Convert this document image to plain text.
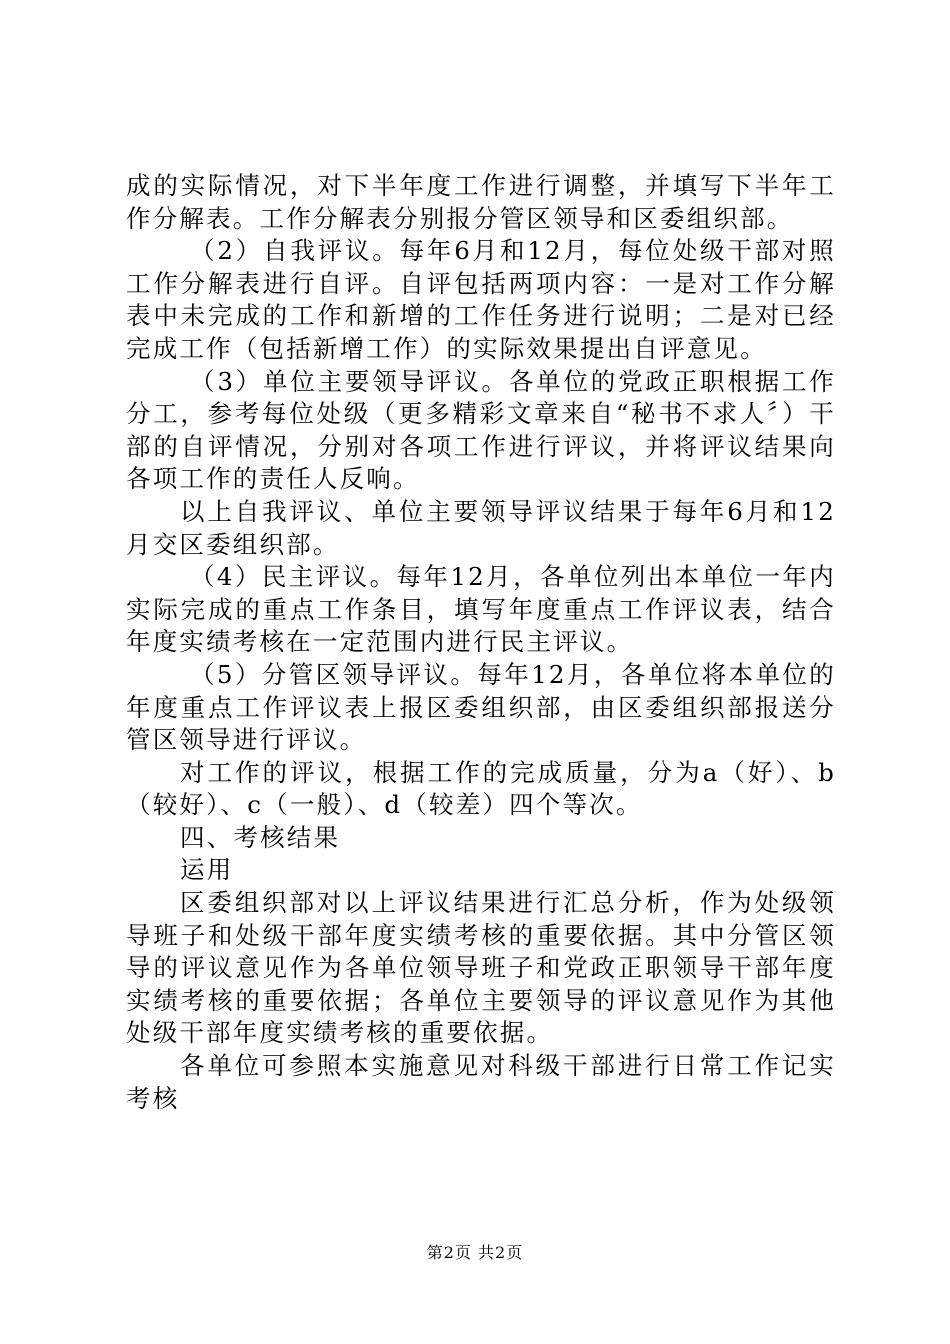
成的实际情况，对下半年度工作进行调整，并填写下半年工作分解表。工作分解表分别报分管区领导和区委组织部。

（2）自我评议。每年6月和12月，每位处级干部对照工作分解表进行自评。自评包括两项内容：一是对工作分解表中未完成的工作和新增的工作任务进行说明；二是对已经完成工作（包括新增工作）的实际效果提出自评意见。

（3）单位主要领导评议。各单位的党政正职根据工作分工，参考每位处级（更多精彩文章来自“秘书不求人〞）干部的自评情况，分别对各项工作进行评议，并将评议结果向各项工作的责任人反响。

以上自我评议、单位主要领导评议结果于每年6月和12月交区委组织部。

（4）民主评议。每年12月，各单位列出本单位一年内实际完成的重点工作条目，填写年度重点工作评议表，结合年度实绩考核在一定范围内进行民主评议。

（5）分管区领导评议。每年12月，各单位将本单位的年度重点工作评议表上报区委组织部，由区委组织部报送分管区领导进行评议。

对工作的评议，根据工作的完成质量，分为a（好）、b（较好）、c（一般）、d（较差）四个等次。

四、考核结果

运用

区委组织部对以上评议结果进行汇总分析，作为处级领导班子和处级干部年度实绩考核的重要依据。其中分管区领导的评议意见作为各单位领导班子和党政正职领导干部年度实绩考核的重要依据；各单位主要领导的评议意见作为其他处级干部年度实绩考核的重要依据。

各单位可参照本实施意见对科级干部进行日常工作记实考核

第2页 共2页
